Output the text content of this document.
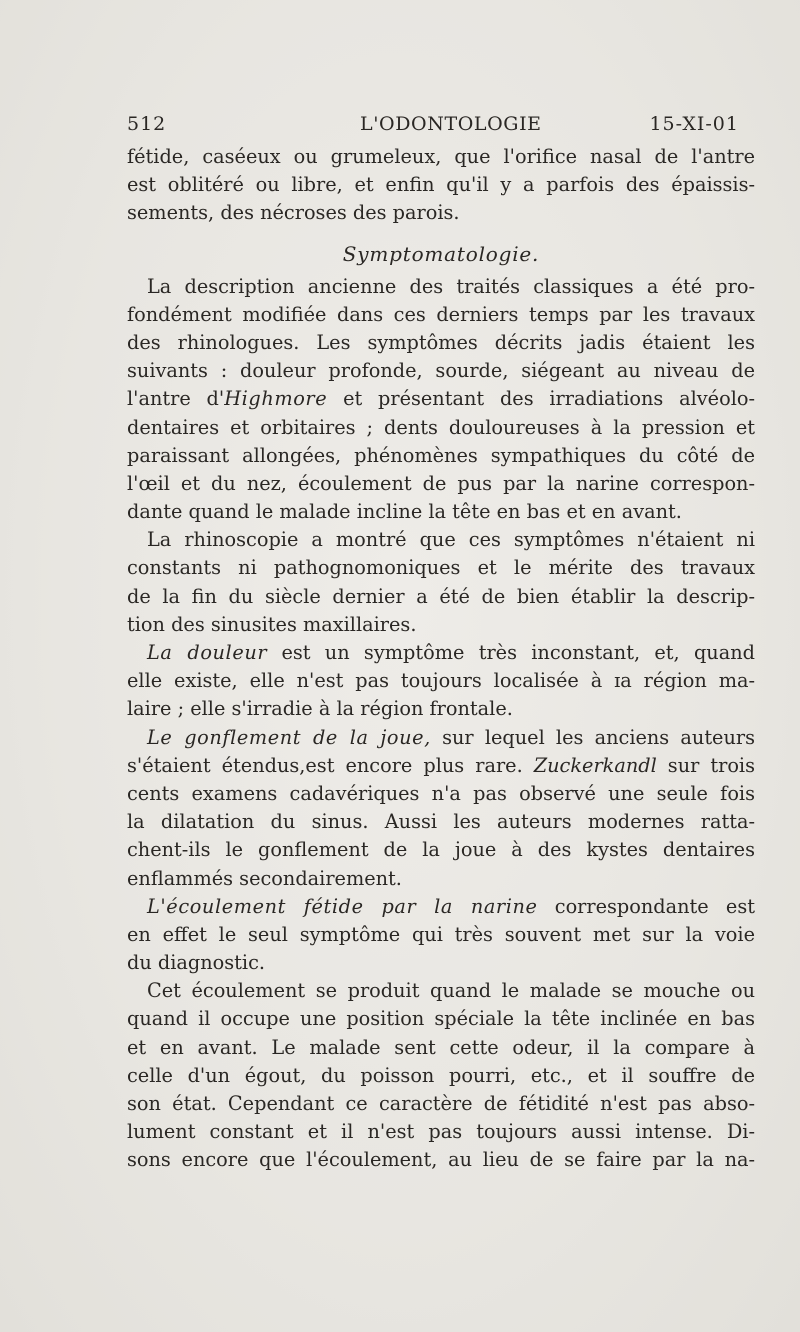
512	L'ODONTOLOGIE	15-XI-01
fétide, caséeux ou grumeleux, que l'orifice nasal de l'antre
est oblitéré ou libre, et enfin qu'il y a parfois des épaissis-
sements, des nécroses des parois.
Symptomatologie.
La description ancienne des traités classiques a été pro-
fondément modifiée dans ces derniers temps par les travaux
des rhinologues. Les symptômes décrits jadis étaient les
suivants : douleur profonde, sourde, siégeant au niveau de
l'antre d'Highmore et présentant des irradiations alvéolo-
dentaires et orbitaires ; dents douloureuses à la pression et
paraissant allongées, phénomènes sympathiques du côté de
l'œil et du nez, écoulement de pus par la narine correspon-
dante quand le malade incline la tête en bas et en avant.
La rhinoscopie a montré que ces symptômes n'étaient ni
constants ni pathognomoniques et le mérite des travaux
de la fin du siècle dernier a été de bien établir la descrip-
tion des sinusites maxillaires.
La douleur est un symptôme très inconstant, et, quand
elle existe, elle n'est pas toujours localisée à ɪa région ma-
laire ; elle s'irradie à la région frontale.
Le gonflement de la joue, sur lequel les anciens auteurs
s'étaient étendus,est encore plus rare. Zuckerkandl sur trois
cents examens cadavériques n'a pas observé une seule fois
la dilatation du sinus. Aussi les auteurs modernes ratta-
chent-ils le gonflement de la joue à des kystes dentaires
enflammés secondairement.
L'écoulement fétide par la narine correspondante est
en effet le seul symptôme qui très souvent met sur la voie
du diagnostic.
Cet écoulement se produit quand le malade se mouche ou
quand il occupe une position spéciale la tête inclinée en bas
et en avant. Le malade sent cette odeur, il la compare à
celle d'un égout, du poisson pourri, etc., et il souffre de
son état. Cependant ce caractère de fétidité n'est pas abso-
lument constant et il n'est pas toujours aussi intense. Di-
sons encore que l'écoulement, au lieu de se faire par la na-
